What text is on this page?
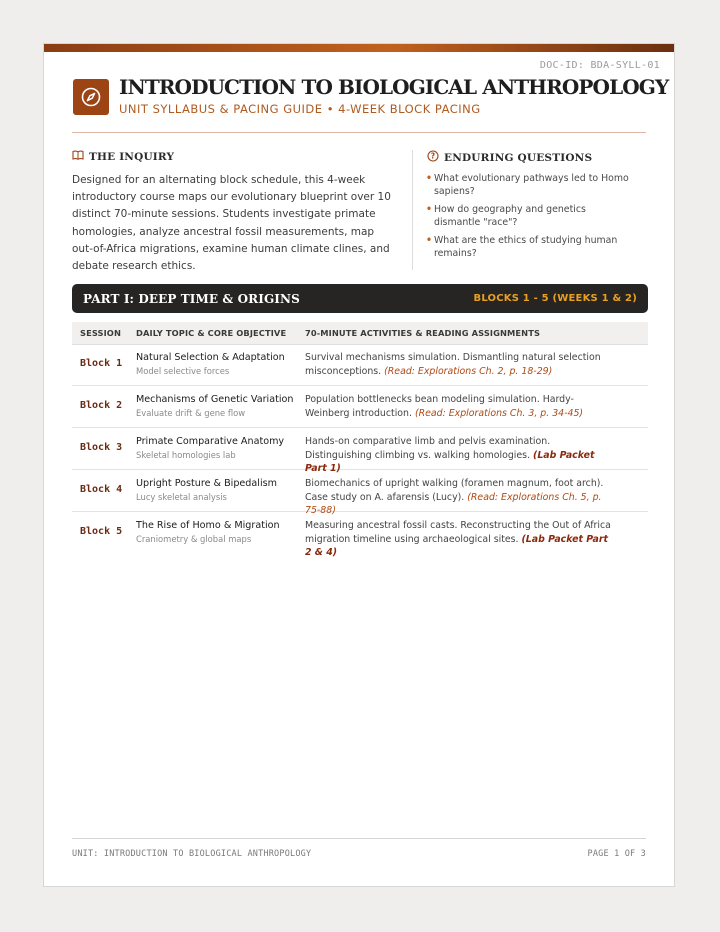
DOC-ID: BDA-SYLL-01
INTRODUCTION TO BIOLOGICAL ANTHROPOLOGY
UNIT SYLLABUS & PACING GUIDE • 4-WEEK BLOCK PACING
THE INQUIRY

Designed for an alternating block schedule, this 4-week introductory course maps our evolutionary blueprint over 10 distinct 70-minute sessions. Students investigate primate homologies, analyze ancestral fossil measurements, map out-of-Africa migrations, examine human climate clines, and debate research ethics.

? ENDURING QUESTIONS
• What evolutionary pathways led to Homo sapiens?
• How do geography and genetics dismantle "race"?
• What are the ethics of studying human remains?
PART I: DEEP TIME & ORIGINS	BLOCKS 1 - 5 (WEEKS 1 & 2)
SESSION DAILY TOPIC & CORE OBJECTIVE 70-MINUTE ACTIVITIES & READING ASSIGNMENTS
Block 1
Natural Selection & Adaptation
Model selective forces
Survival mechanisms simulation. Dismantling natural selection misconceptions. (Read: Explorations Ch. 2, p. 18-29)
Block 2
Mechanisms of Genetic Variation
Evaluate drift & gene flow
Population bottlenecks bean modeling simulation. Hardy-Weinberg introduction. (Read: Explorations Ch. 3, p. 34-45)
Block 3
Primate Comparative Anatomy
Skeletal homologies lab
Hands-on comparative limb and pelvis examination. Distinguishing climbing vs. walking homologies. (Lab Packet Part 1)
Block 4
Upright Posture & Bipedalism
Lucy skeletal analysis
Biomechanics of upright walking (foramen magnum, foot arch). Case study on A. afarensis (Lucy). (Read: Explorations Ch. 5, p. 75-88)
Block 5
The Rise of Homo & Migration
Craniometry & global maps
Measuring ancestral fossil casts. Reconstructing the Out of Africa migration timeline using archaeological sites. (Lab Packet Part 2 & 4)
UNIT: INTRODUCTION TO BIOLOGICAL ANTHROPOLOGY	PAGE 1 OF 3
